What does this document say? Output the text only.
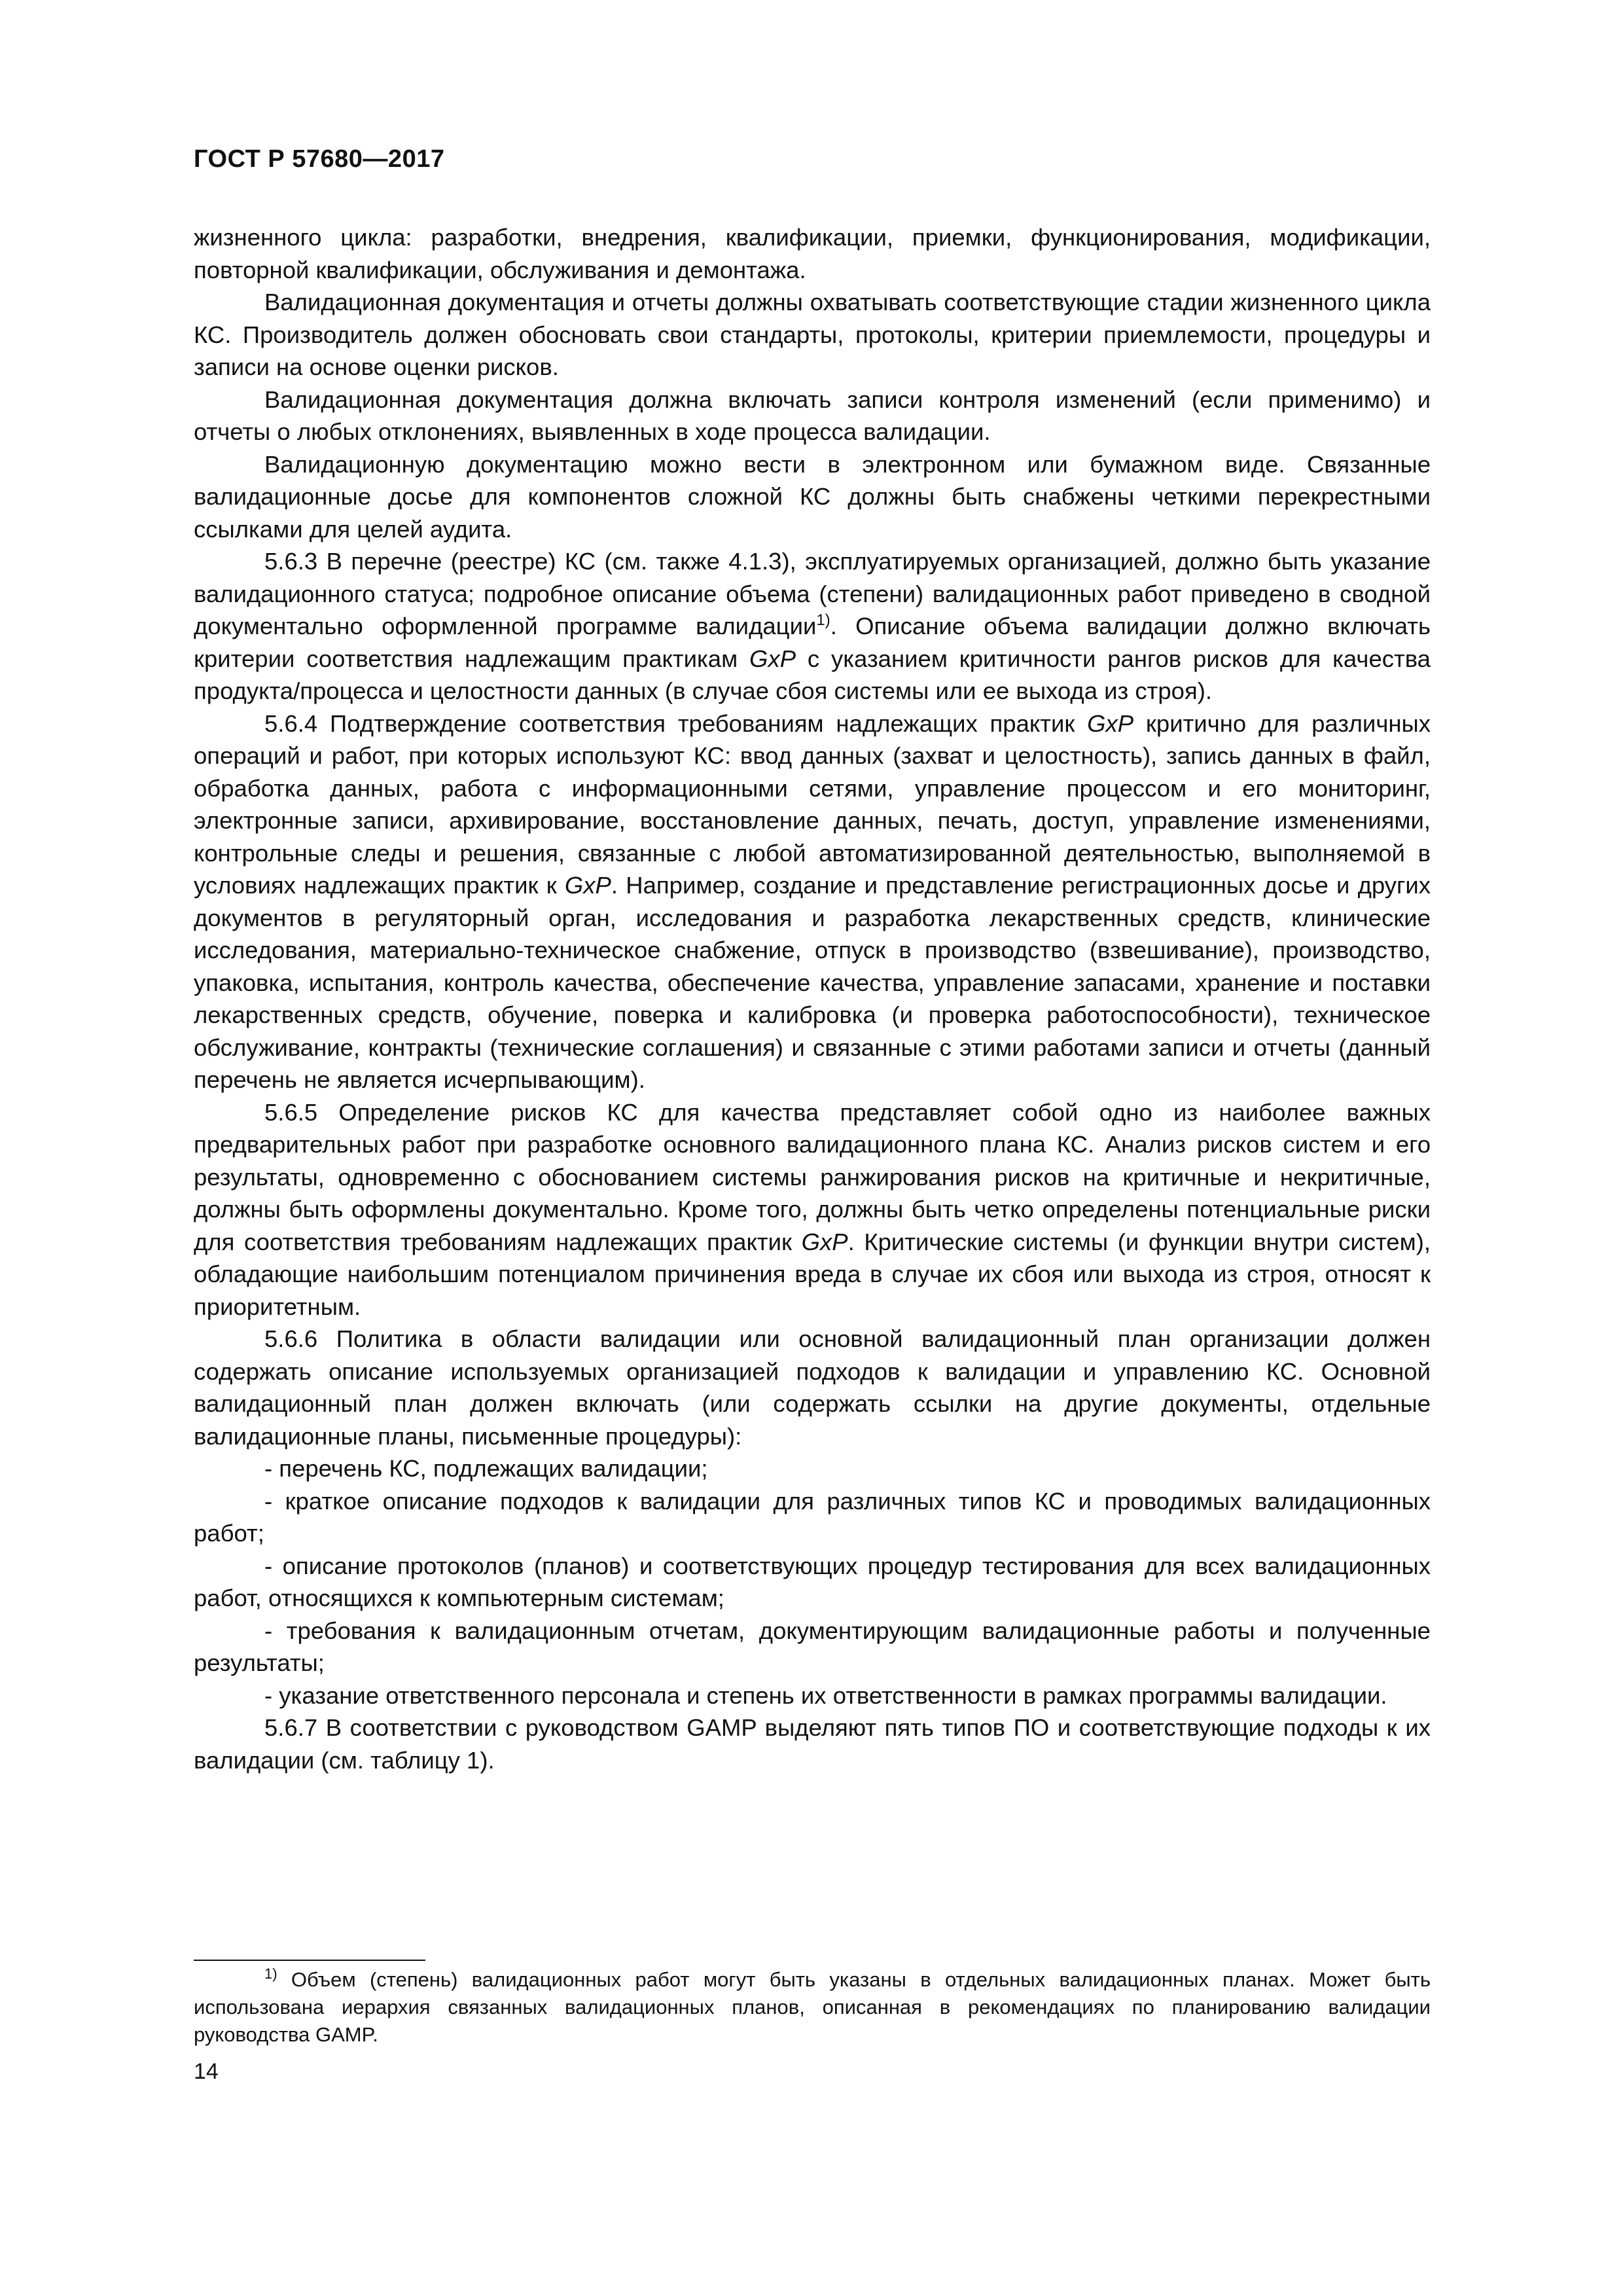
ГОСТ Р 57680—2017

жизненного цикла: разработки, внедрения, квалификации, приемки, функционирования, модификации, повторной квалификации, обслуживания и демонтажа.

Валидационная документация и отчеты должны охватывать соответствующие стадии жизненного цикла КС. Производитель должен обосновать свои стандарты, протоколы, критерии приемлемости, процедуры и записи на основе оценки рисков.

Валидационная документация должна включать записи контроля изменений (если применимо) и отчеты о любых отклонениях, выявленных в ходе процесса валидации.

Валидационную документацию можно вести в электронном или бумажном виде. Связанные валидационные досье для компонентов сложной КС должны быть снабжены четкими перекрестными ссылками для целей аудита.

5.6.3 В перечне (реестре) КС (см. также 4.1.3), эксплуатируемых организацией, должно быть указание валидационного статуса; подробное описание объема (степени) валидационных работ приведено в сводной документально оформленной программе валидации$^{1)}$. Описание объема валидации должно включать критерии соответствия надлежащим практикам GxP с указанием критичности рангов рисков для качества продукта/процесса и целостности данных (в случае сбоя системы или ее выхода из строя).

5.6.4 Подтверждение соответствия требованиям надлежащих практик GxP критично для различных операций и работ, при которых используют КС: ввод данных (захват и целостность), запись данных в файл, обработка данных, работа с информационными сетями, управление процессом и его мониторинг, электронные записи, архивирование, восстановление данных, печать, доступ, управление изменениями, контрольные следы и решения, связанные с любой автоматизированной деятельностью, выполняемой в условиях надлежащих практик к GxP. Например, создание и представление регистрационных досье и других документов в регуляторный орган, исследования и разработка лекарственных средств, клинические исследования, материально-техническое снабжение, отпуск в производство (взвешивание), производство, упаковка, испытания, контроль качества, обеспечение качества, управление запасами, хранение и поставки лекарственных средств, обучение, поверка и калибровка (и проверка работоспособности), техническое обслуживание, контракты (технические соглашения) и связанные с этими работами записи и отчеты (данный перечень не является исчерпывающим).

5.6.5 Определение рисков КС для качества представляет собой одно из наиболее важных предварительных работ при разработке основного валидационного плана КС. Анализ рисков систем и его результаты, одновременно с обоснованием системы ранжирования рисков на критичные и некритичные, должны быть оформлены документально. Кроме того, должны быть четко определены потенциальные риски для соответствия требованиям надлежащих практик GxP. Критические системы (и функции внутри систем), обладающие наибольшим потенциалом причинения вреда в случае их сбоя или выхода из строя, относят к приоритетным.

5.6.6 Политика в области валидации или основной валидационный план организации должен содержать описание используемых организацией подходов к валидации и управлению КС. Основной валидационный план должен включать (или содержать ссылки на другие документы, отдельные валидационные планы, письменные процедуры):

- перечень КС, подлежащих валидации;

- краткое описание подходов к валидации для различных типов КС и проводимых валидационных работ;

- описание протоколов (планов) и соответствующих процедур тестирования для всех валидационных работ, относящихся к компьютерным системам;

- требования к валидационным отчетам, документирующим валидационные работы и полученные результаты;

- указание ответственного персонала и степень их ответственности в рамках программы валидации.

5.6.7 В соответствии с руководством GAMP выделяют пять типов ПО и соответствующие подходы к их валидации (см. таблицу 1).

$^{1)}$ Объем (степень) валидационных работ могут быть указаны в отдельных валидационных планах. Может быть использована иерархия связанных валидационных планов, описанная в рекомендациях по планированию валидации руководства GAMP.
14
